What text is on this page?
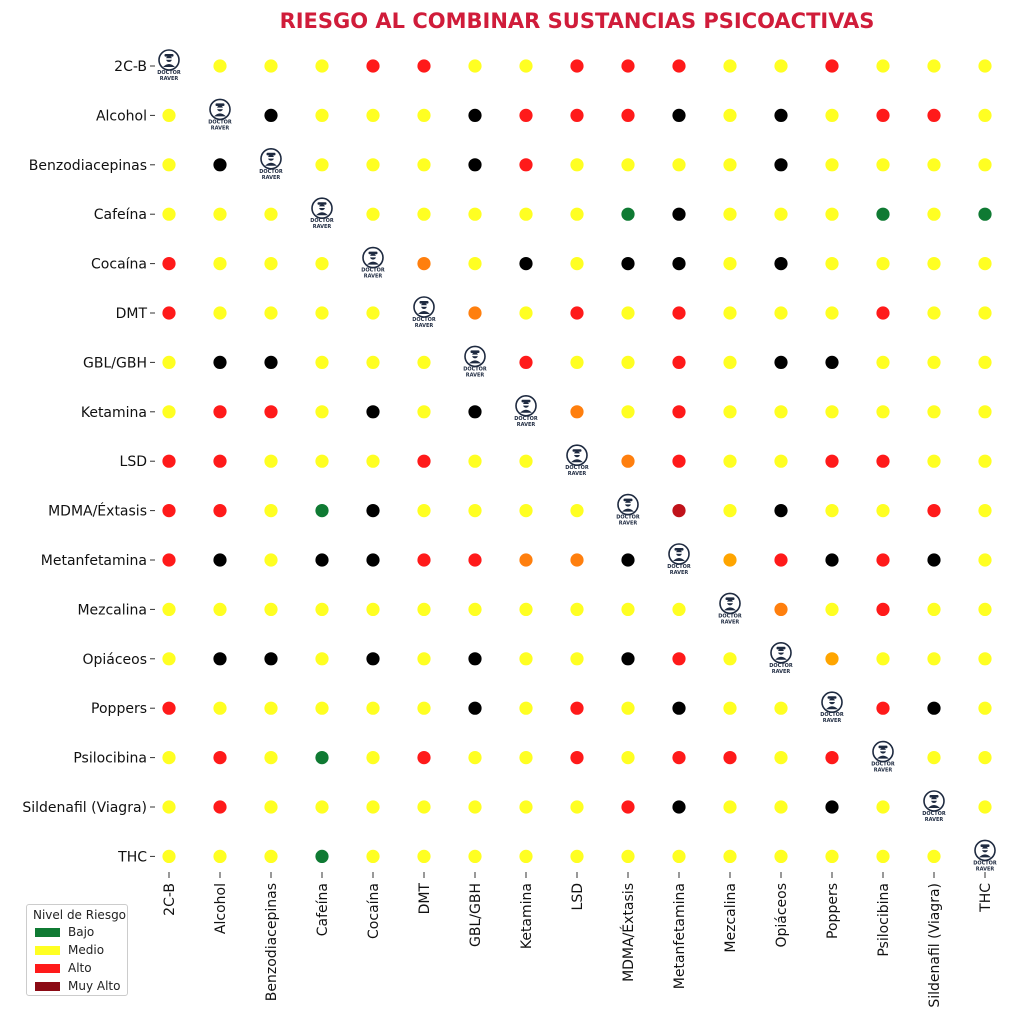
RIESGO AL COMBINAR SUSTANCIAS PSICOACTIVAS
2C-B
Alcohol
Benzodiacepinas
Cafeína
Cocaína
DMT
GBL/GBH
Ketamina
LSD
MDMA/Éxtasis
Metanfetamina
Mezcalina
Opiáceos
Poppers
Psilocibina
Sildenafil (Viagra)
THC
2C-B	Alcohol	Benzodiacepinas	Cafeína	Cocaína	DMT	GBL/GBH	Ketamina	LSD	MDMA/Éxtasis	Metanfetamina	Mezcalina	Opiáceos	Poppers	Psilocibina	Sildenafil (Viagra)	THC
DOCTOR
RAVER
DOCTOR
RAVER
DOCTOR
RAVER
DOCTOR
RAVER
DOCTOR
RAVER
DOCTOR
RAVER
DOCTOR
RAVER
DOCTOR
RAVER
DOCTOR
RAVER
DOCTOR
RAVER
DOCTOR
RAVER
DOCTOR
RAVER
DOCTOR
RAVER
DOCTOR
RAVER
DOCTOR
RAVER
DOCTOR
RAVER
DOCTOR
RAVER
Nivel de Riesgo
Bajo
Medio
Alto
Muy Alto
